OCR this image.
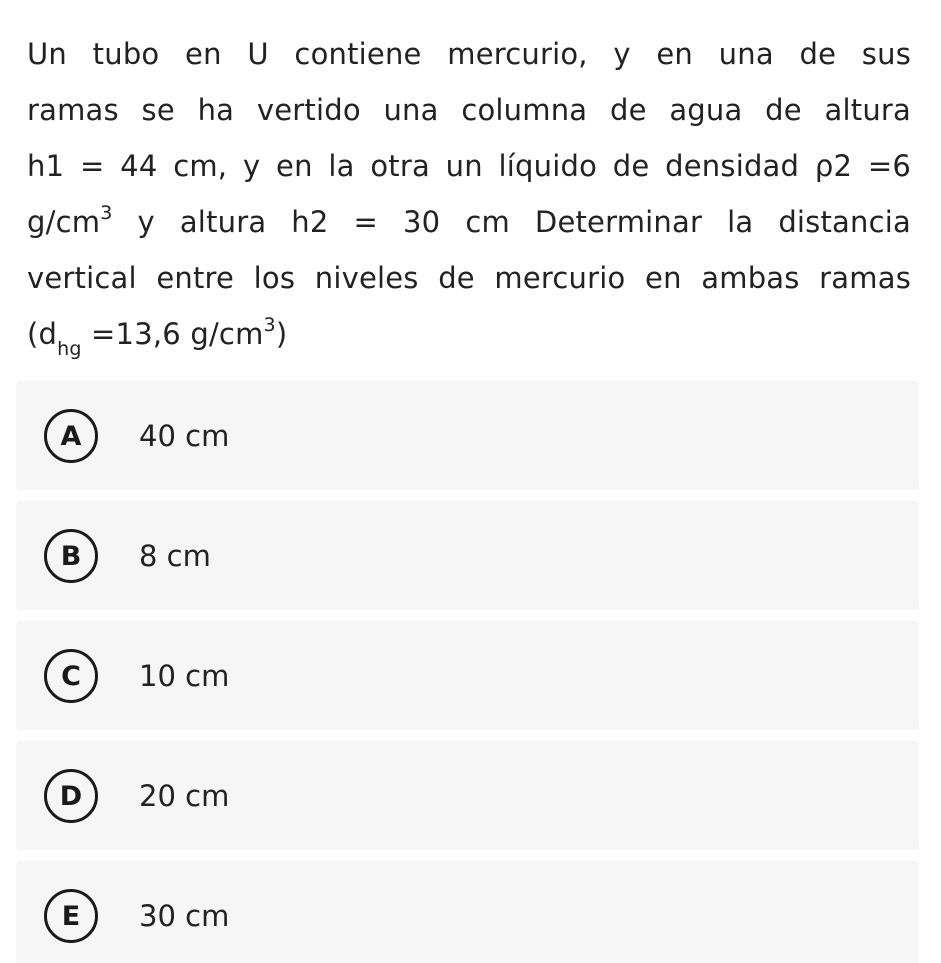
Un tubo en U contiene mercurio, y en una de sus
ramas se ha vertido una columna de agua de altura
h1 = 44 cm, y en la otra un líquido de densidad ρ2 =6
$g/cm^3$ y altura h2 = 30 cm Determinar la distancia
vertical entre los niveles de mercurio en ambas ramas
($d_{hg} =13,6$ $g/cm^3$)
A	40 cm
B	8 cm
C	10 cm
D	20 cm
E	30 cm
